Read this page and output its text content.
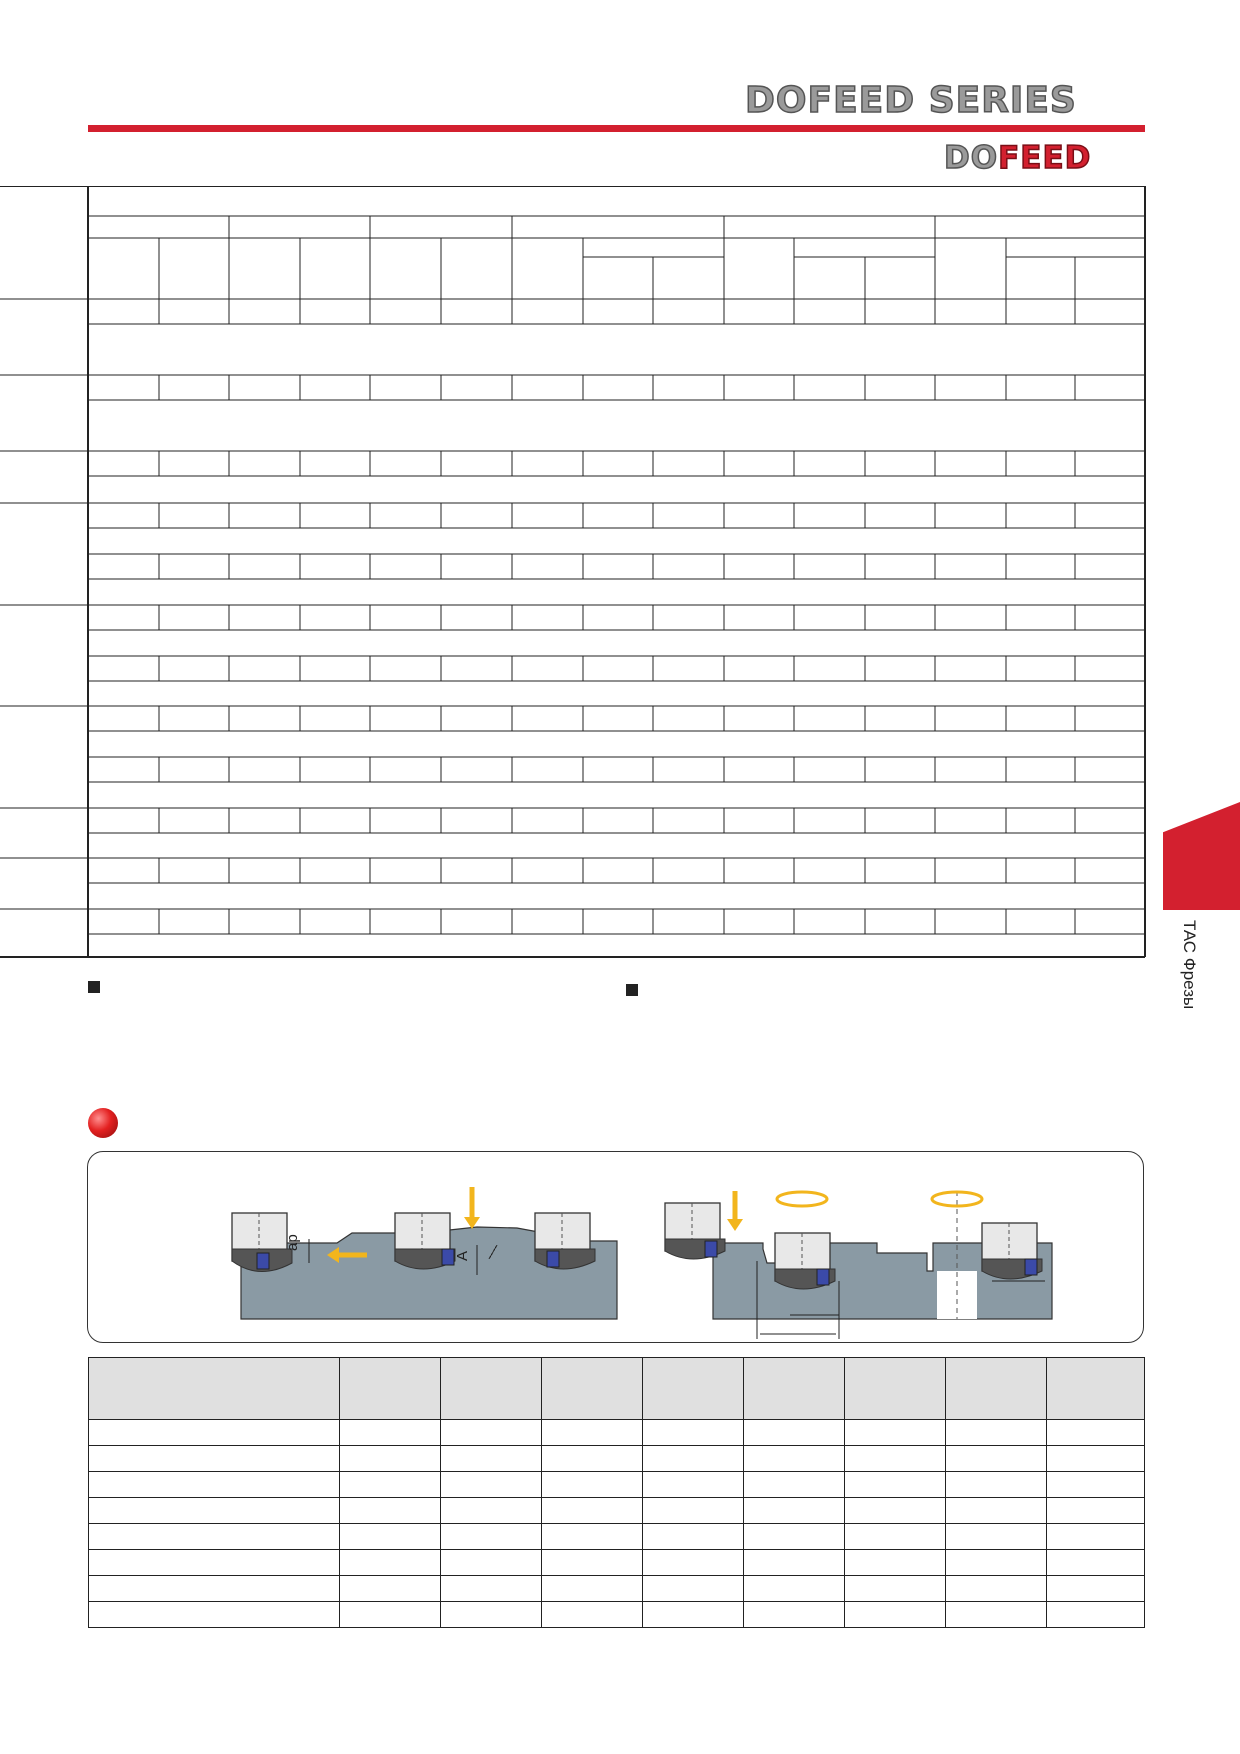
DOFEED SERIES
DOFEED
ТАС Фрезы
ap
A
